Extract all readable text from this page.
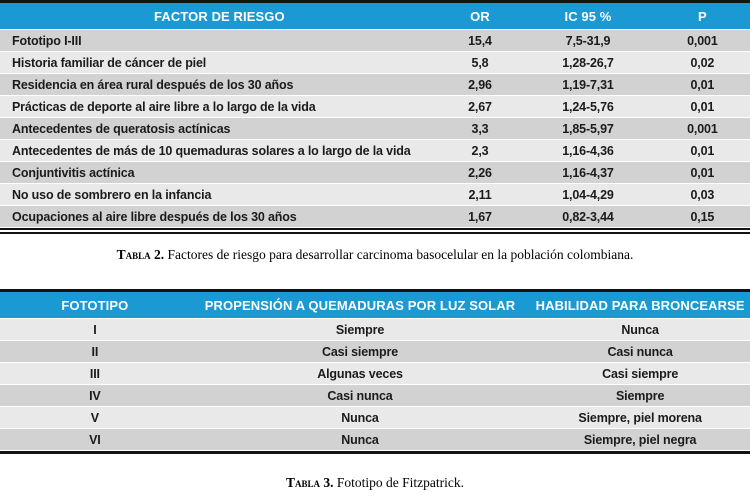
FACTOR DE RIESGO	OR	IC 95 %	P
Fototipo I-III	15,4	7,5-31,9	0,001
Historia familiar de cáncer de piel	5,8	1,28-26,7	0,02
Residencia en área rural después de los 30 años	2,96	1,19-7,31	0,01
Prácticas de deporte al aire libre a lo largo de la vida	2,67	1,24-5,76	0,01
Antecedentes de queratosis actínicas	3,3	1,85-5,97	0,001
Antecedentes de más de 10 quemaduras solares a lo largo de la vida	2,3	1,16-4,36	0,01
Conjuntivitis actínica	2,26	1,16-4,37	0,01
No uso de sombrero en la infancia	2,11	1,04-4,29	0,03
Ocupaciones al aire libre después de los 30 años	1,67	0,82-3,44	0,15
Tabla 2. Factores de riesgo para desarrollar carcinoma basocelular en la población colombiana.
FOTOTIPO	PROPENSIÓN A QUEMADURAS POR LUZ SOLAR	HABILIDAD PARA BRONCEARSE
I	Siempre	Nunca
II	Casi siempre	Casi nunca
III	Algunas veces	Casi siempre
IV	Casi nunca	Siempre
V	Nunca	Siempre, piel morena
VI	Nunca	Siempre, piel negra
Tabla 3. Fototipo de Fitzpatrick.
